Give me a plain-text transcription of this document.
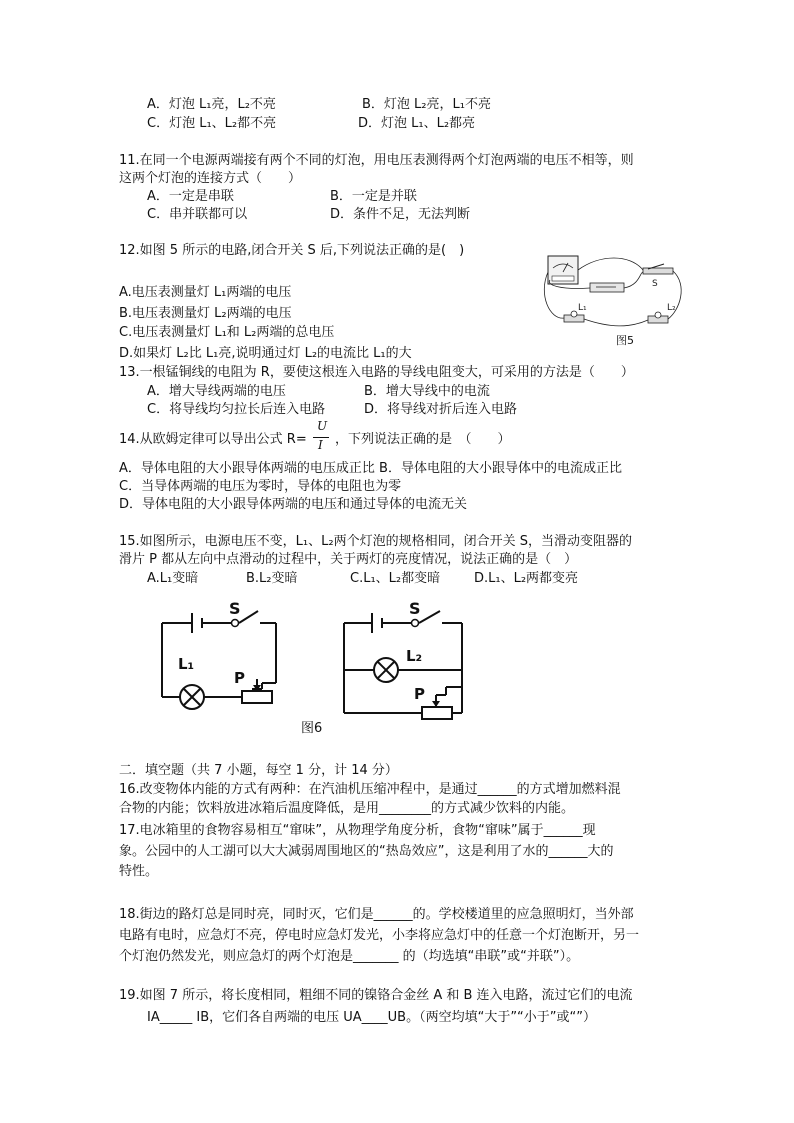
A．灯泡 L₁亮，L₂不亮	B．灯泡 L₂亮，L₁不亮
C．灯泡 L₁、L₂都不亮	D．灯泡 L₁、L₂都亮
11.在同一个电源两端接有两个不同的灯泡，用电压表测得两个灯泡两端的电压不相等，则
这两个灯泡的连接方式（　　）
A．一定是串联	B．一定是并联
C．串并联都可以	D．条件不足，无法判断
12.如图 5 所示的电路,闭合开关 S 后,下列说法正确的是(　)
A.电压表测量灯 L₁两端的电压
B.电压表测量灯 L₂两端的电压
C.电压表测量灯 L₁和 L₂两端的总电压
D.如果灯 L₂比 L₁亮,说明通过灯 L₂的电流比 L₁的大
S
L₁	L₂
图5
13.一根锰铜线的电阻为 R，要使这根连入电路的导线电阻变大，可采用的方法是（　　）
A．增大导线两端的电压	B．增大导线中的电流
C．将导线均匀拉长后连入电路	D．将导线对折后连入电路
14.从欧姆定律可以导出公式 R=
U
I ，下列说法正确的是　（　　）
A．导体电阻的大小跟导体两端的电压成正比 B．导体电阻的大小跟导体中的电流成正比
C．当导体两端的电压为零时，导体的电阻也为零
D．导体电阻的大小跟导体两端的电压和通过导体的电流无关
15.如图所示，电源电压不变，L₁、L₂两个灯泡的规格相同，闭合开关 S，当滑动变阻器的
滑片 P 都从左向中点滑动的过程中，关于两灯的亮度情况，说法正确的是（　）
A.L₁变暗	B.L₂变暗	C.L₁、L₂都变暗	D.L₁、L₂两都变亮
S
L₁
P
S
L₂
P
图6
二．填空题（共 7 小题，每空 1 分，计 14 分）
16.改变物体内能的方式有两种：在汽油机压缩冲程中，是通过______的方式增加燃料混
合物的内能；饮料放进冰箱后温度降低，是用________的方式减少饮料的内能。
17.电冰箱里的食物容易相互“窜味”，从物理学角度分析，食物“窜味”属于______现
象。公园中的人工湖可以大大减弱周围地区的“热岛效应”，这是利用了水的______大的
特性。
18.街边的路灯总是同时亮，同时灭，它们是______的。学校楼道里的应急照明灯，当外部
电路有电时，应急灯不亮，停电时应急灯发光，小李将应急灯中的任意一个灯泡断开，另一
个灯泡仍然发光，则应急灯的两个灯泡是_______ 的（均选填“串联”或“并联”）。
19.如图 7 所示，将长度相同，粗细不同的镍铬合金丝 A 和 B 连入电路，流过它们的电流
IA_____ IB，它们各自两端的电压 UA____UB。（两空均填“大于”“小于”或“”）
